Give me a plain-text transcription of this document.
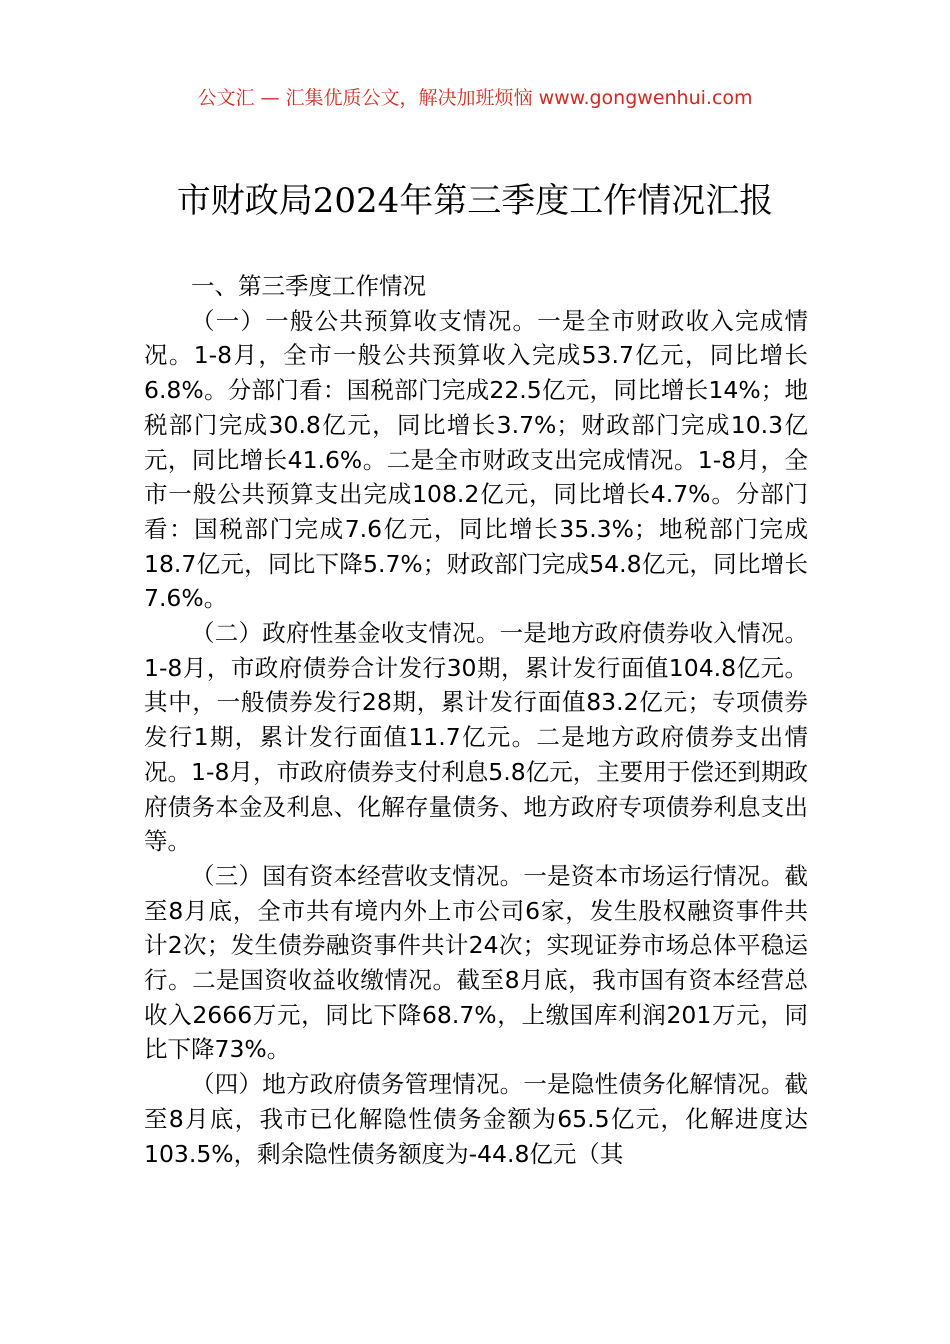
公文汇 — 汇集优质公文，解决加班烦恼 www.gongwenhui.com
市财政局2024年第三季度工作情况汇报

一、第三季度工作情况

（一）一般公共预算收支情况。一是全市财政收入完成情况。1-8月，全市一般公共预算收入完成53.7亿元，同比增长6.8%。分部门看：国税部门完成22.5亿元，同比增长14%；地税部门完成30.8亿元，同比增长3.7%；财政部门完成10.3亿元，同比增长41.6%。二是全市财政支出完成情况。1-8月，全市一般公共预算支出完成108.2亿元，同比增长4.7%。分部门看：国税部门完成7.6亿元，同比增长35.3%；地税部门完成18.7亿元，同比下降5.7%；财政部门完成54.8亿元，同比增长7.6%。

（二）政府性基金收支情况。一是地方政府债券收入情况。1-8月，市政府债券合计发行30期，累计发行面值104.8亿元。其中，一般债券发行28期，累计发行面值83.2亿元；专项债券发行1期，累计发行面值11.7亿元。二是地方政府债券支出情况。1-8月，市政府债券支付利息5.8亿元，主要用于偿还到期政府债务本金及利息、化解存量债务、地方政府专项债券利息支出等。

（三）国有资本经营收支情况。一是资本市场运行情况。截至8月底，全市共有境内外上市公司6家，发生股权融资事件共计2次；发生债券融资事件共计24次；实现证券市场总体平稳运行。二是国资收益收缴情况。截至8月底，我市国有资本经营总收入2666万元，同比下降68.7%，上缴国库利润201万元，同比下降73%。

（四）地方政府债务管理情况。一是隐性债务化解情况。截至8月底，我市已化解隐性债务金额为65.5亿元，化解进度达103.5%，剩余隐性债务额度为-44.8亿元（其
